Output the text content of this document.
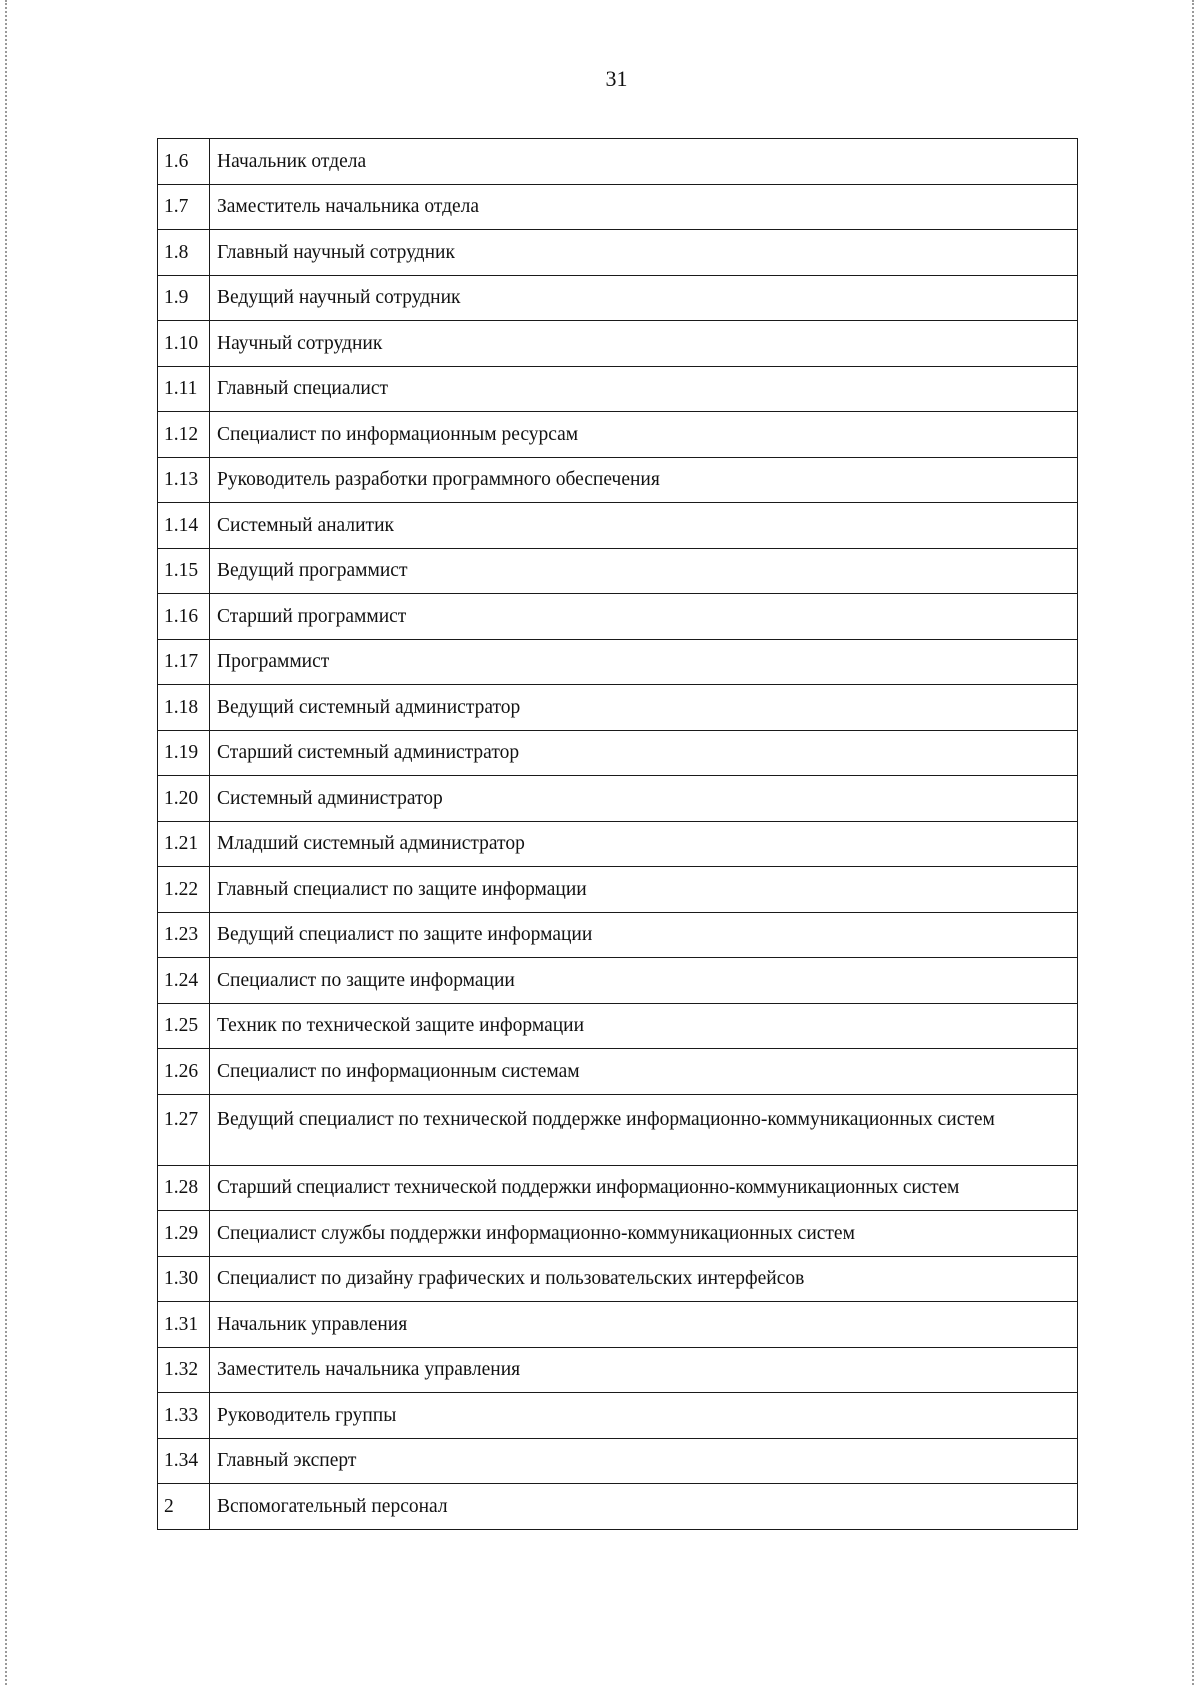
31
1.6	Начальник отдела
1.7	Заместитель начальника отдела
1.8	Главный научный сотрудник
1.9	Ведущий научный сотрудник
1.10	Научный сотрудник
1.11	Главный специалист
1.12	Специалист по информационным ресурсам
1.13	Руководитель разработки программного обеспечения
1.14	Системный аналитик
1.15	Ведущий программист
1.16	Старший программист
1.17	Программист
1.18	Ведущий системный администратор
1.19	Старший системный администратор
1.20	Системный администратор
1.21	Младший системный администратор
1.22	Главный специалист по защите информации
1.23	Ведущий специалист по защите информации
1.24	Специалист по защите информации
1.25	Техник по технической защите информации
1.26	Специалист по информационным системам
1.27	Ведущий специалист по технической поддержке информационно-коммуникационных систем
1.28	Старший специалист технической поддержки информационно-коммуникационных систем
1.29	Специалист службы поддержки информационно-коммуникационных систем
1.30	Специалист по дизайну графических и пользовательских интерфейсов
1.31	Начальник управления
1.32	Заместитель начальника управления
1.33	Руководитель группы
1.34	Главный эксперт
2	Вспомогательный персонал
